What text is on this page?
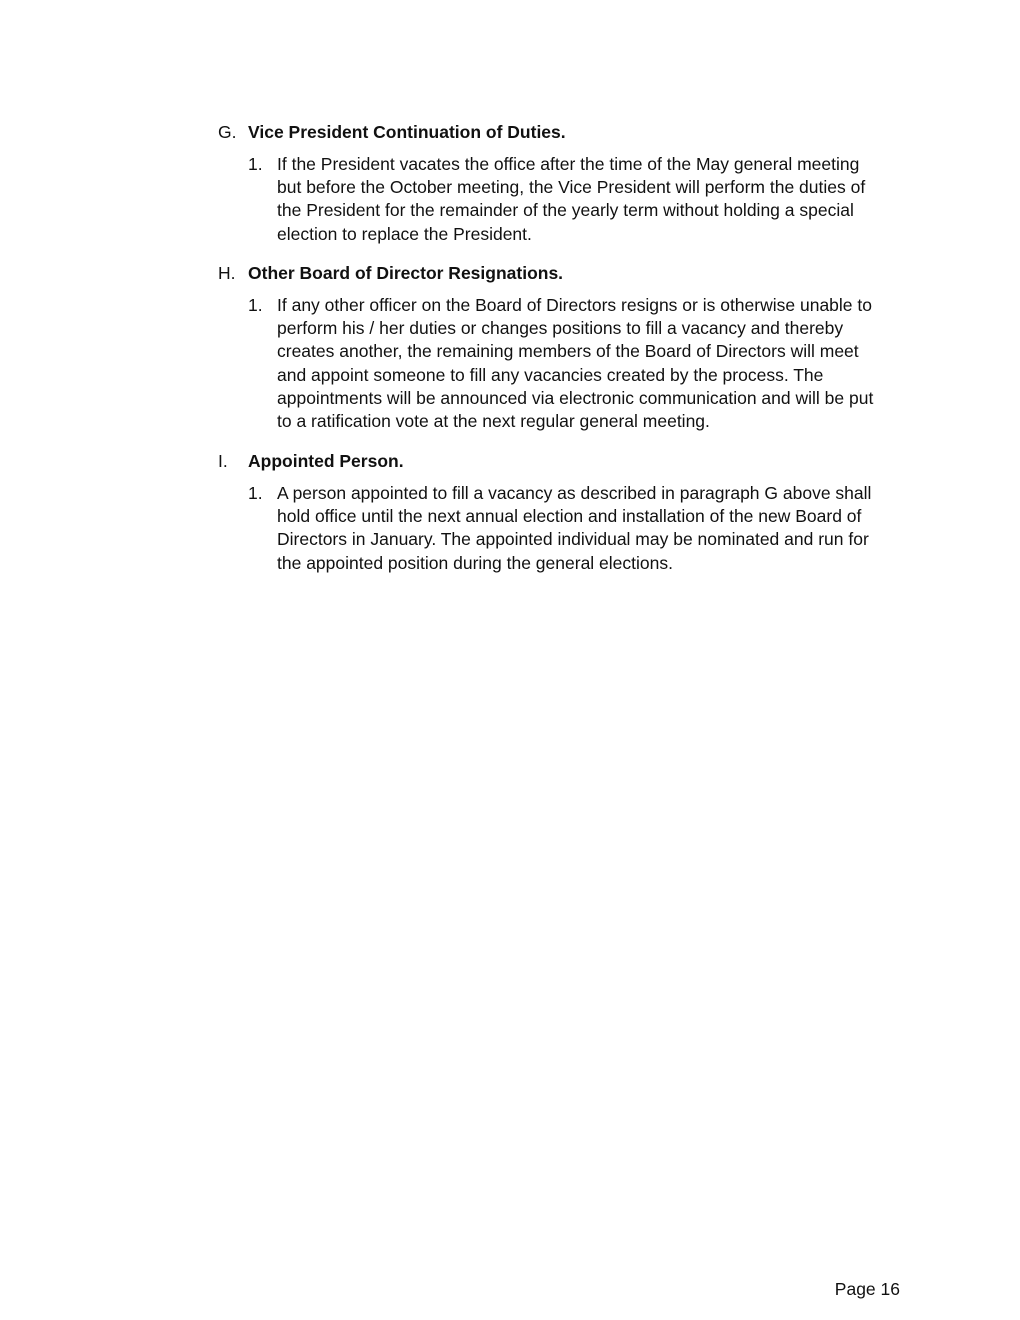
G. Vice President Continuation of Duties.
1. If the President vacates the office after the time of the May general meeting
but before the October meeting, the Vice President will perform the duties of
the President for the remainder of the yearly term without holding a special
election to replace the President.
H. Other Board of Director Resignations.
1. If any other officer on the Board of Directors resigns or is otherwise unable to
perform his / her duties or changes positions to fill a vacancy and thereby
creates another, the remaining members of the Board of Directors will meet
and appoint someone to fill any vacancies created by the process. The
appointments will be announced via electronic communication and will be put
to a ratification vote at the next regular general meeting.
I. Appointed Person.
1. A person appointed to fill a vacancy as described in paragraph G above shall
hold office until the next annual election and installation of the new Board of
Directors in January. The appointed individual may be nominated and run for
the appointed position during the general elections.
Page 16
